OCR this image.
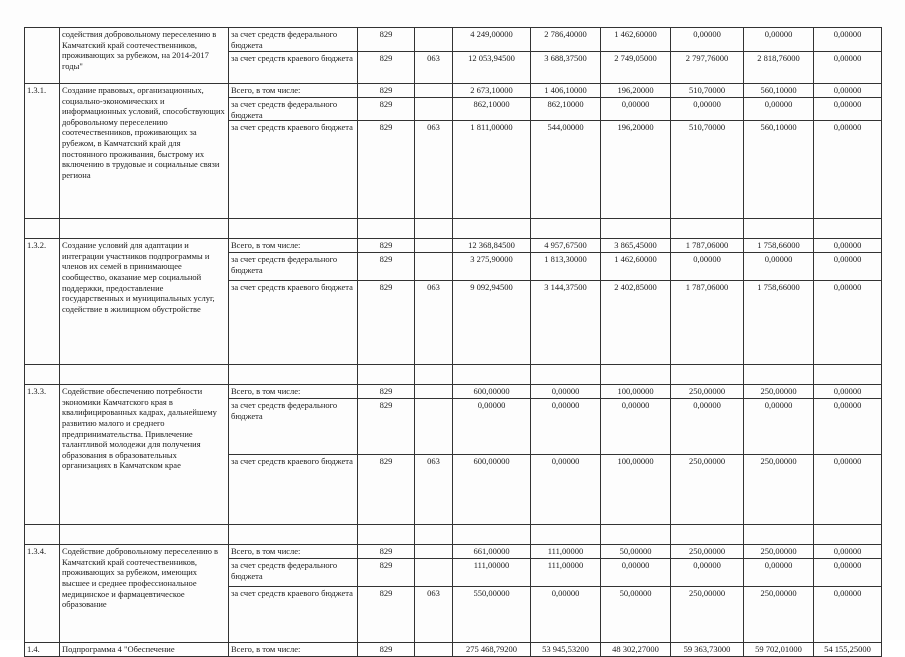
	содействия добровольному переселению в Камчатский край соотечественников, проживающих за рубежом, на 2014-2017 годы"	за счет средств федерального бюджета	829		4 249,00000	2 786,40000	1 462,60000	0,00000	0,00000	0,00000
		за счет средств краевого бюджета	829	063	12 053,94500	3 688,37500	2 749,05000	2 797,76000	2 818,76000	0,00000
1.3.1.	Создание правовых, организационных, социально-экономических и информационных условий, способствующих добровольному переселению соотечественников, проживающих за рубежом, в Камчатский край для постоянного проживания, быстрому их включению в трудовые и социальные связи региона	Всего, в том числе:	829		2 673,10000	1 406,10000	196,20000	510,70000	560,10000	0,00000
		за счет средств федерального бюджета	829		862,10000	862,10000	0,00000	0,00000	0,00000	0,00000
		за счет средств краевого бюджета	829	063	1 811,00000	544,00000	196,20000	510,70000	560,10000	0,00000

1.3.2.	Создание условий для адаптации и интеграции участников подпрограммы и членов их семей в принимающее сообщество, оказание мер социальной поддержки, предоставление государственных и муниципальных услуг, содействие в жилищном обустройстве	Всего, в том числе:	829		12 368,84500	4 957,67500	3 865,45000	1 787,06000	1 758,66000	0,00000
		за счет средств федерального бюджета	829		3 275,90000	1 813,30000	1 462,60000	0,00000	0,00000	0,00000
		за счет средств краевого бюджета	829	063	9 092,94500	3 144,37500	2 402,85000	1 787,06000	1 758,66000	0,00000

1.3.3.	Содействие обеспечению потребности экономики Камчатского края в квалифицированных кадрах, дальнейшему развитию малого и среднего предпринимательства. Привлечение талантливой молодежи для получения образования в образовательных организациях в Камчатском крае	Всего, в том числе:	829		600,00000	0,00000	100,00000	250,00000	250,00000	0,00000
		за счет средств федерального бюджета	829		0,00000	0,00000	0,00000	0,00000	0,00000	0,00000
		за счет средств краевого бюджета	829	063	600,00000	0,00000	100,00000	250,00000	250,00000	0,00000

1.3.4.	Содействие добровольному переселению в Камчатский край соотечественников, проживающих за рубежом, имеющих высшее и среднее профессиональное медицинское и фармацевтическое образование	Всего, в том числе:	829		661,00000	111,00000	50,00000	250,00000	250,00000	0,00000
		за счет средств федерального бюджета	829		111,00000	111,00000	0,00000	0,00000	0,00000	0,00000
		за счет средств краевого бюджета	829	063	550,00000	0,00000	50,00000	250,00000	250,00000	0,00000
1.4.	Подпрограмма 4 "Обеспечение	Всего, в том числе:	829		275 468,79200	53 945,53200	48 302,27000	59 363,73000	59 702,01000	54 155,25000
